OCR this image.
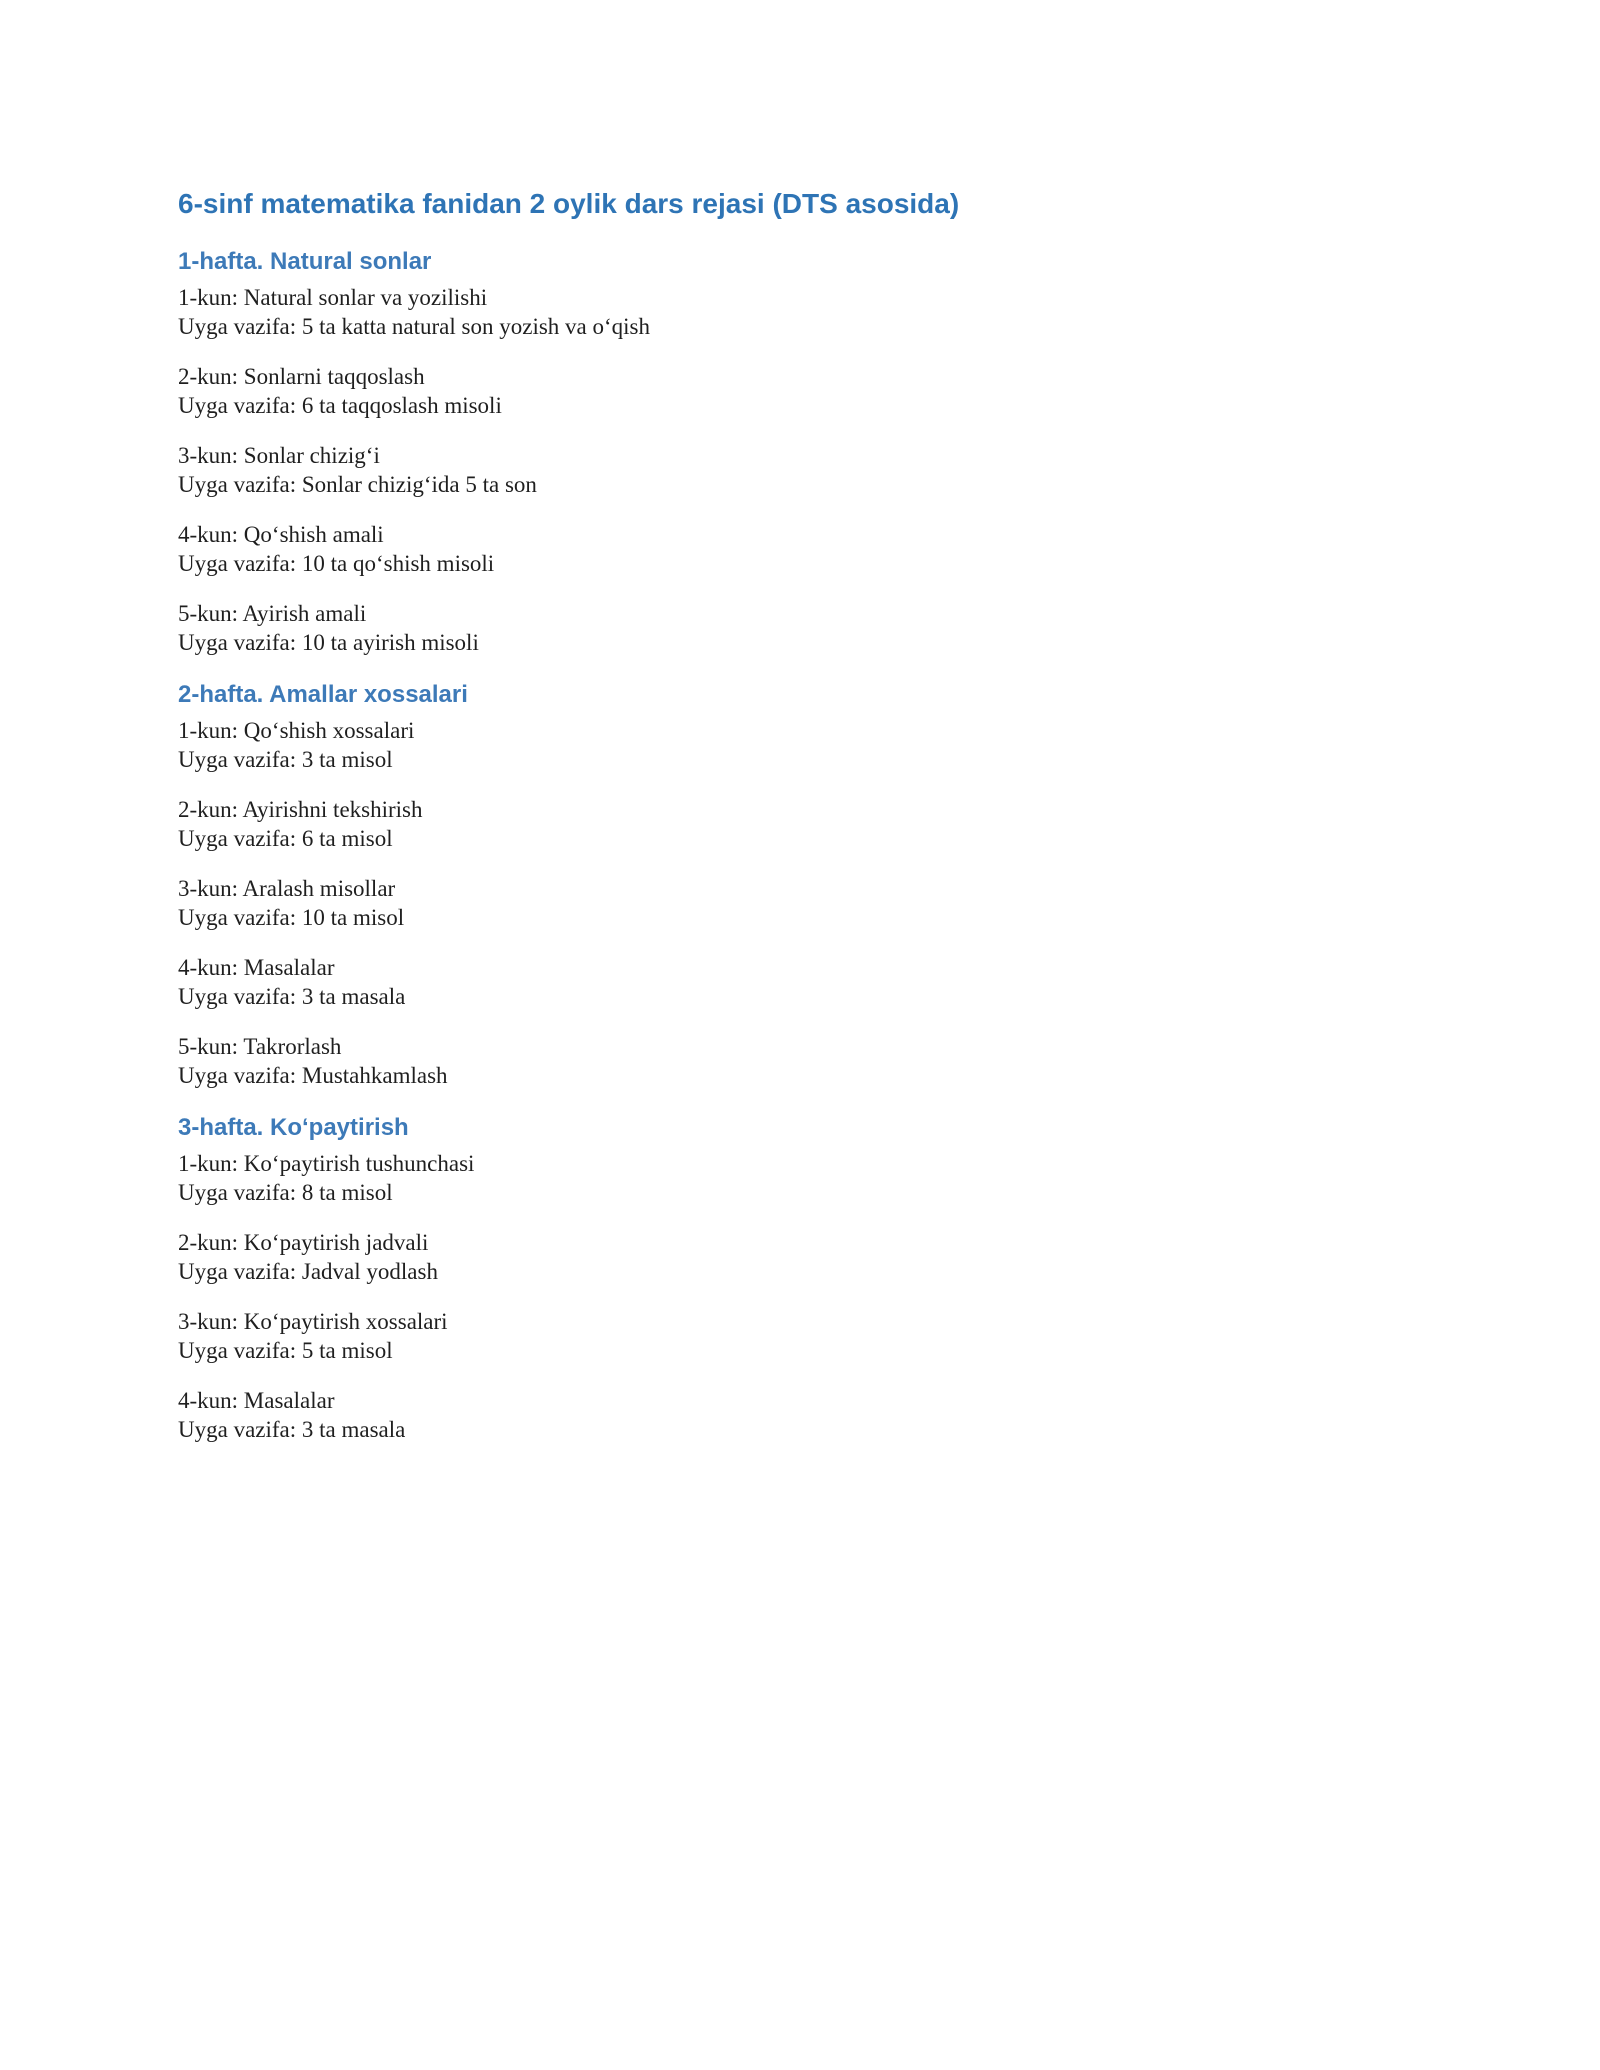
6-sinf matematika fanidan 2 oylik dars rejasi (DTS asosida)
1-hafta. Natural sonlar
1-kun: Natural sonlar va yozilishi
Uyga vazifa: 5 ta katta natural son yozish va o‘qish
2-kun: Sonlarni taqqoslash
Uyga vazifa: 6 ta taqqoslash misoli
3-kun: Sonlar chizig‘i
Uyga vazifa: Sonlar chizig‘ida 5 ta son
4-kun: Qo‘shish amali
Uyga vazifa: 10 ta qo‘shish misoli
5-kun: Ayirish amali
Uyga vazifa: 10 ta ayirish misoli
2-hafta. Amallar xossalari
1-kun: Qo‘shish xossalari
Uyga vazifa: 3 ta misol
2-kun: Ayirishni tekshirish
Uyga vazifa: 6 ta misol
3-kun: Aralash misollar
Uyga vazifa: 10 ta misol
4-kun: Masalalar
Uyga vazifa: 3 ta masala
5-kun: Takrorlash
Uyga vazifa: Mustahkamlash
3-hafta. Ko‘paytirish
1-kun: Ko‘paytirish tushunchasi
Uyga vazifa: 8 ta misol
2-kun: Ko‘paytirish jadvali
Uyga vazifa: Jadval yodlash
3-kun: Ko‘paytirish xossalari
Uyga vazifa: 5 ta misol
4-kun: Masalalar
Uyga vazifa: 3 ta masala
